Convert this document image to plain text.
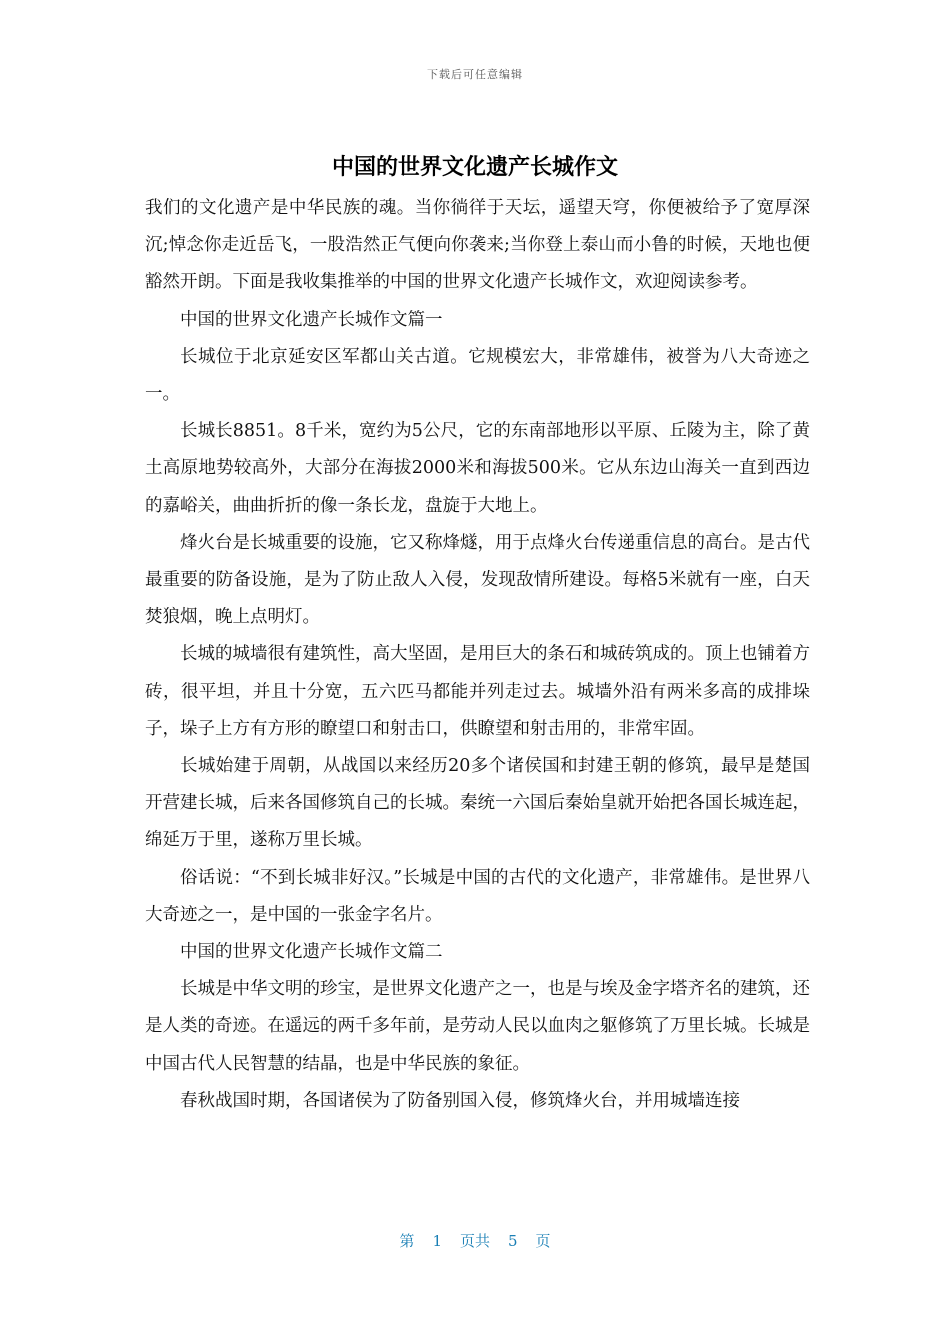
下载后可任意编辑
中国的世界文化遗产长城作文

我们的文化遗产是中华民族的魂。当你徜徉于天坛，遥望天穹，你便被给予了宽厚深沉;悼念你走近岳飞，一股浩然正气便向你袭来;当你登上泰山而小鲁的时候，天地也便豁然开朗。下面是我收集推举的中国的世界文化遗产长城作文，欢迎阅读参考。

中国的世界文化遗产长城作文篇一

长城位于北京延安区军都山关古道。它规模宏大，非常雄伟，被誉为八大奇迹之一。

长城长8851。8千米，宽约为5公尺，它的东南部地形以平原、丘陵为主，除了黄土高原地势较高外，大部分在海拔2000米和海拔500米。它从东边山海关一直到西边的嘉峪关，曲曲折折的像一条长龙，盘旋于大地上。

烽火台是长城重要的设施，它又称烽燧，用于点烽火台传递重信息的高台。是古代最重要的防备设施，是为了防止敌人入侵，发现敌情所建设。每格5米就有一座，白天焚狼烟，晚上点明灯。

长城的城墙很有建筑性，高大坚固，是用巨大的条石和城砖筑成的。顶上也铺着方砖，很平坦，并且十分宽，五六匹马都能并列走过去。城墙外沿有两米多高的成排垛子，垛子上方有方形的瞭望口和射击口，供瞭望和射击用的，非常牢固。

长城始建于周朝，从战国以来经历20多个诸侯国和封建王朝的修筑，最早是楚国开营建长城，后来各国修筑自己的长城。秦统一六国后秦始皇就开始把各国长城连起，绵延万于里，遂称万里长城。

俗话说：“不到长城非好汉。”长城是中国的古代的文化遗产，非常雄伟。是世界八大奇迹之一，是中国的一张金字名片。

中国的世界文化遗产长城作文篇二

长城是中华文明的珍宝，是世界文化遗产之一，也是与埃及金字塔齐名的建筑，还是人类的奇迹。在遥远的两千多年前，是劳动人民以血肉之躯修筑了万里长城。长城是中国古代人民智慧的结晶，也是中华民族的象征。

春秋战国时期，各国诸侯为了防备别国入侵，修筑烽火台，并用城墙连接

第 1 页共 5 页
